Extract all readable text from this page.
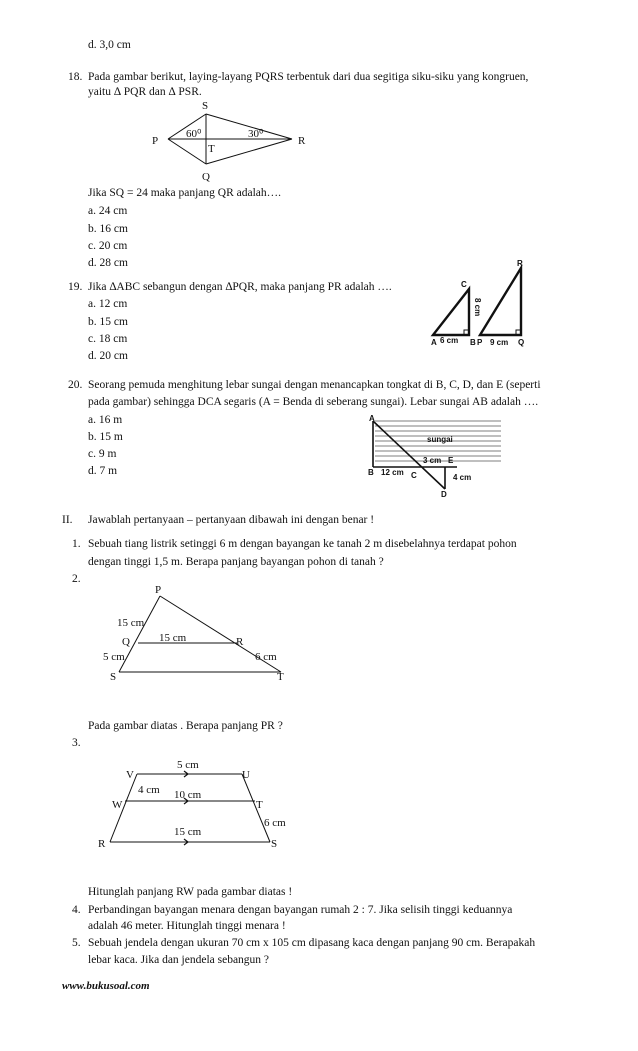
d. 3,0 cm
18. Pada gambar berikut, laying-layang PQRS terbentuk dari dua segitiga siku-siku yang kongruen,
yaitu ∆ PQR dan ∆ PSR.
S
P	R
T
Q
60⁰	30⁰
Jika SQ = 24 maka panjang QR adalah….
a. 24 cm
b. 16 cm
c. 20 cm
d. 28 cm
19. Jika ∆ABC sebangun dengan ∆PQR, maka panjang PR adalah ….
a. 12 cm
b. 15 cm
c. 18 cm
d. 20 cm
C
A 6 cm B
8 cm
P 9 cm Q
R
20. Seorang pemuda menghitung lebar sungai dengan menancapkan tongkat di B, C, D, dan E (seperti
pada gambar) sehingga DCA segaris (A = Benda di seberang sungai). Lebar sungai AB adalah ….
a. 16 m
b. 15 m
c. 9 m
d. 7 m
A
sungai
3 cm E
B 12 cm C	4 cm
D
II. Jawablah pertanyaan – pertanyaan dibawah ini dengan benar !
1. Sebuah tiang listrik setinggi 6 m dengan bayangan ke tanah 2 m disebelahnya terdapat pohon
dengan tinggi 1,5 m. Berapa panjang bayangan pohon di tanah ?
2.
P
15 cm
Q	15 cm	R
5 cm	6 cm
S	T
Pada gambar diatas . Berapa panjang PR ?
3.
5 cm
V	U
4 cm 10 cm
W	T
6 cm
15 cm
R	S
Hitunglah panjang RW pada gambar diatas !
4. Perbandingan bayangan menara dengan bayangan rumah 2 : 7. Jika selisih tinggi keduannya
adalah 46 meter. Hitunglah tinggi menara !
5. Sebuah jendela dengan ukuran 70 cm x 105 cm dipasang kaca dengan panjang 90 cm. Berapakah
lebar kaca. Jika dan jendela sebangun ?
www.bukusoal.com
